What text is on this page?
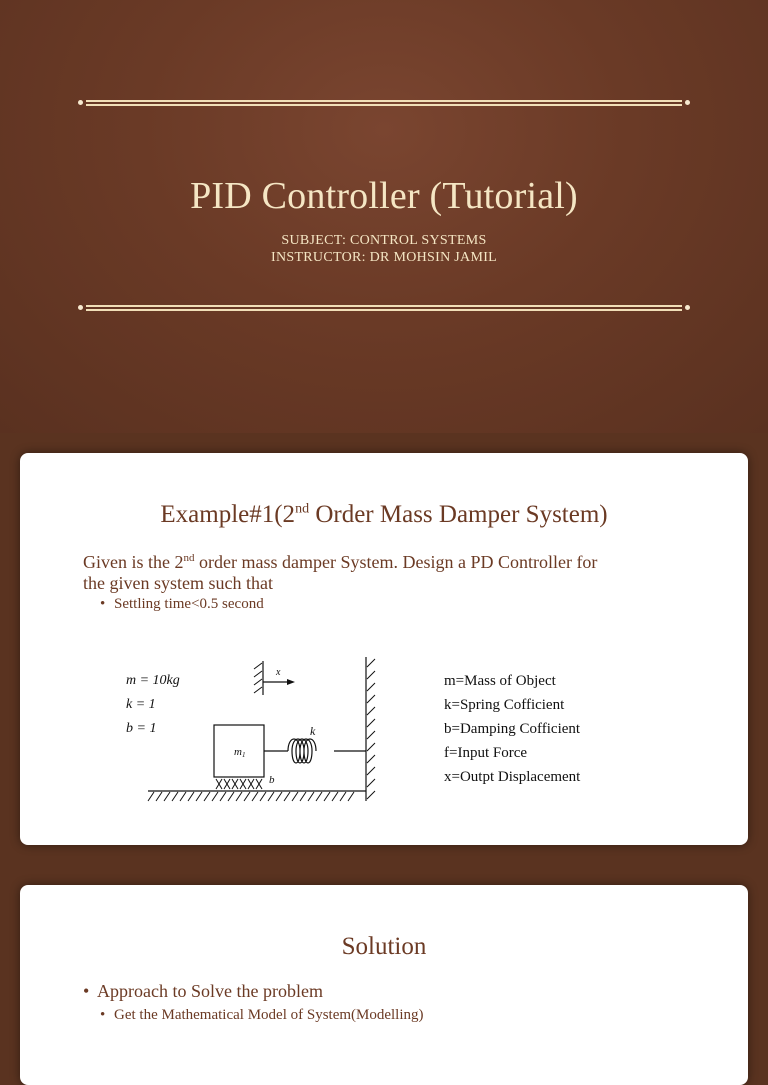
PID Controller (Tutorial)
SUBJECT: CONTROL SYSTEMS
INSTRUCTOR: DR MOHSIN JAMIL
Example#1(2nd Order Mass Damper System)
Given is the 2nd order mass damper System. Design a PD Controller for
the given system such that
• Settling time<0.5 second
m = 10kg
k = 1
b = 1
x
k
m 1
b
m=Mass of Object
k=Spring Cofficient
b=Damping Cofficient
f=Input Force
x=Outpt Displacement
Solution
• Approach to Solve the problem
• Get the Mathematical Model of System(Modelling)
